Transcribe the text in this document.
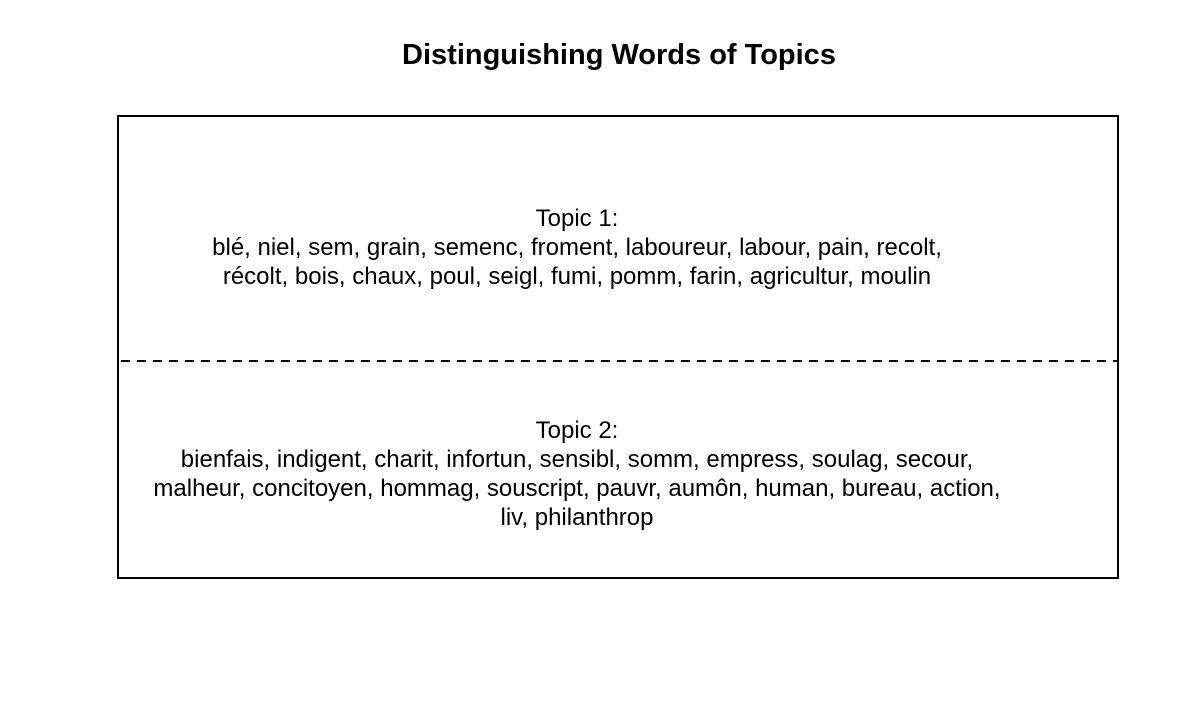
Distinguishing Words of Topics
Topic 1:
blé, niel, sem, grain, semenc, froment, laboureur, labour, pain, recolt,
récolt, bois, chaux, poul, seigl, fumi, pomm, farin, agricultur, moulin
Topic 2:
bienfais, indigent, charit, infortun, sensibl, somm, empress, soulag, secour,
malheur, concitoyen, hommag, souscript, pauvr, aumôn, human, bureau, action,
liv, philanthrop
